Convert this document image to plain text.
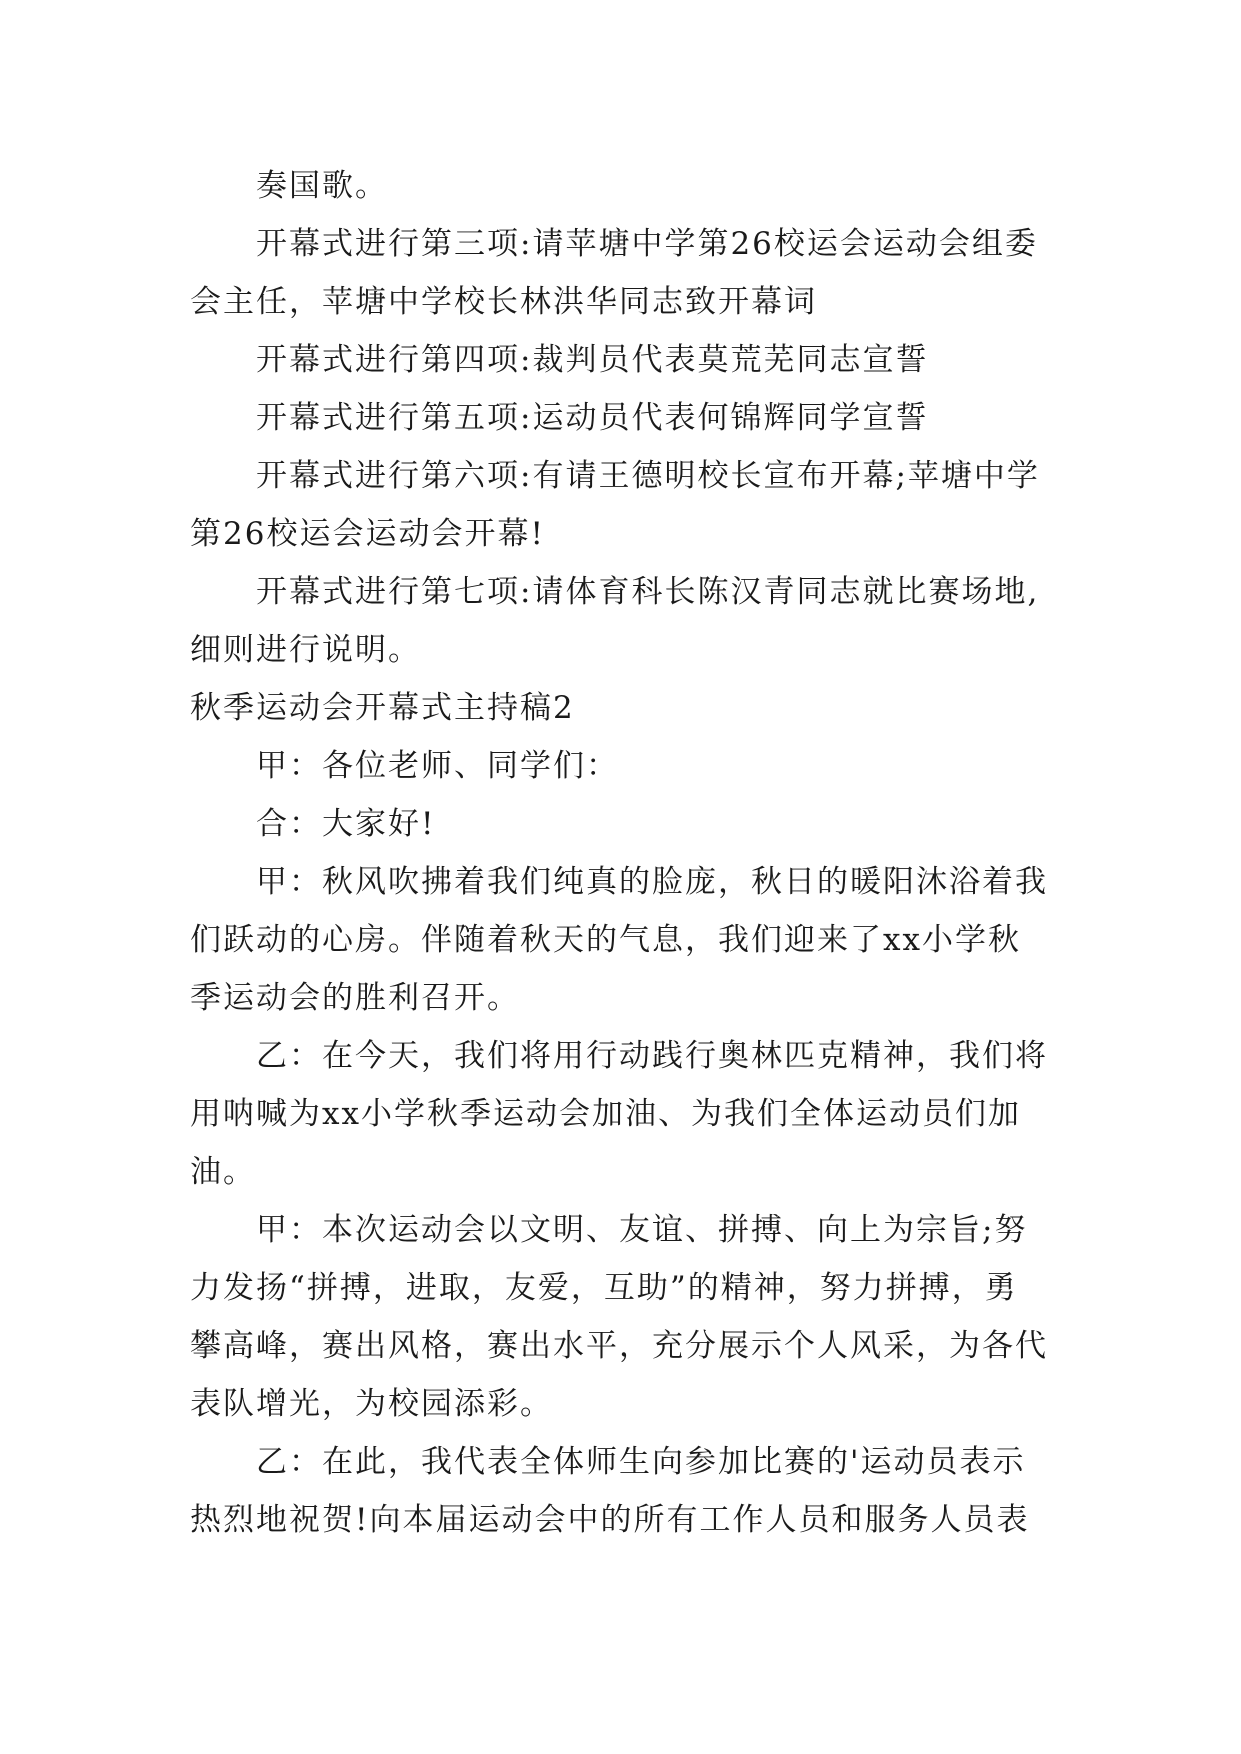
奏国歌。
开幕式进行第三项:请苹塘中学第26校运会运动会组委
会主任，苹塘中学校长林洪华同志致开幕词
开幕式进行第四项:裁判员代表莫荒芜同志宣誓
开幕式进行第五项:运动员代表何锦辉同学宣誓
开幕式进行第六项:有请王德明校长宣布开幕;苹塘中学
第26校运会运动会开幕!
开幕式进行第七项:请体育科长陈汉青同志就比赛场地,
细则进行说明。
秋季运动会开幕式主持稿2
甲：各位老师、同学们：
合：大家好!
甲：秋风吹拂着我们纯真的脸庞，秋日的暖阳沐浴着我
们跃动的心房。伴随着秋天的气息，我们迎来了xx小学秋
季运动会的胜利召开。
乙：在今天，我们将用行动践行奥林匹克精神，我们将
用呐喊为xx小学秋季运动会加油、为我们全体运动员们加
油。
甲：本次运动会以文明、友谊、拼搏、向上为宗旨;努
力发扬“拼搏，进取，友爱，互助”的精神，努力拼搏，勇
攀高峰，赛出风格，赛出水平，充分展示个人风采，为各代
表队增光，为校园添彩。
乙：在此，我代表全体师生向参加比赛的'运动员表示
热烈地祝贺!向本届运动会中的所有工作人员和服务人员表
